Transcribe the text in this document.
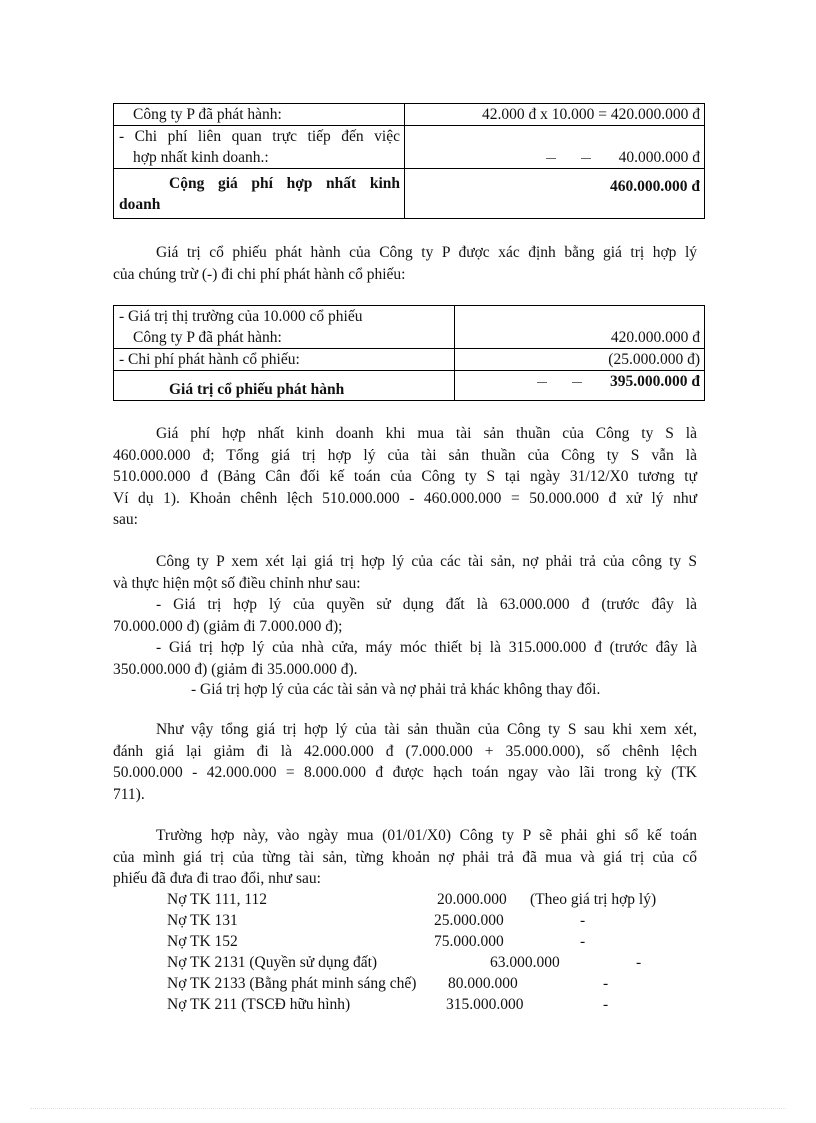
Công ty P đã phát hành:	42.000 đ x 10.000 = 420.000.000 đ

- Chi phí liên quan trực tiếp đến việc
hợp nhất kinh doanh.:	40.000.000 đ

Cộng giá phí hợp nhất kinh
doanh	460.000.000 đ

Giá trị cổ phiếu phát hành của Công ty P được xác định bằng giá trị hợp lý
của chúng trừ (-) đi chi phí phát hành cổ phiếu:

- Giá trị thị trường của 10.000 cổ phiếu
Công ty P đã phát hành:	420.000.000 đ
- Chi phí phát hành cổ phiếu:	(25.000.000 đ)
Giá trị cổ phiếu phát hành	395.000.000 đ

Giá phí hợp nhất kinh doanh khi mua tài sản thuần của Công ty S là
460.000.000 đ; Tổng giá trị hợp lý của tài sản thuần của Công ty S vẫn là
510.000.000 đ (Bảng Cân đối kế toán của Công ty S tại ngày 31/12/X0 tương tự
Ví dụ 1). Khoản chênh lệch 510.000.000 - 460.000.000 = 50.000.000 đ xử lý như
sau:

Công ty P xem xét lại giá trị hợp lý của các tài sản, nợ phải trả của công ty S
và thực hiện một số điều chỉnh như sau:

- Giá trị hợp lý của quyền sử dụng đất là 63.000.000 đ (trước đây là
70.000.000 đ) (giảm đi 7.000.000 đ);

- Giá trị hợp lý của nhà cửa, máy móc thiết bị là 315.000.000 đ (trước đây là
350.000.000 đ) (giảm đi 35.000.000 đ).

- Giá trị hợp lý của các tài sản và nợ phải trả khác không thay đổi.

Như vậy tổng giá trị hợp lý của tài sản thuần của Công ty S sau khi xem xét,
đánh giá lại giảm đi là 42.000.000 đ (7.000.000 + 35.000.000), số chênh lệch
50.000.000 - 42.000.000 = 8.000.000 đ được hạch toán ngay vào lãi trong kỳ (TK
711).

Trường hợp này, vào ngày mua (01/01/X0) Công ty P sẽ phải ghi sổ kế toán
của mình giá trị của từng tài sản, từng khoản nợ phải trả đã mua và giá trị của cổ
phiếu đã đưa đi trao đổi, như sau:

Nợ TK 111, 112	20.000.000 (Theo giá trị hợp lý)
Nợ TK 131	25.000.000	-
Nợ TK 152	75.000.000	-
Nợ TK 2131 (Quyền sử dụng đất)	63.000.000	-
Nợ TK 2133 (Bằng phát minh sáng chế) 80.000.000	-
Nợ TK 211 (TSCĐ hữu hình)	315.000.000	-
